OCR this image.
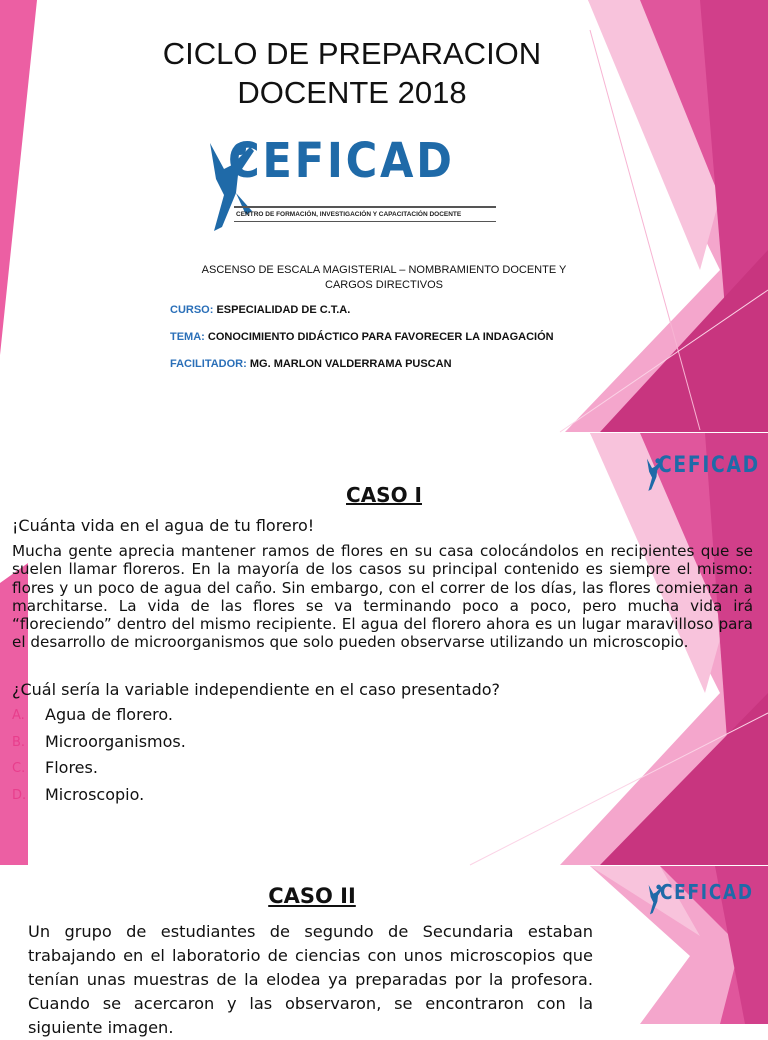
CICLO DE PREPARACION
DOCENTE 2018
CEFICAD
CENTRO DE FORMACIÓN, INVESTIGACIÓN Y CAPACITACIÓN DOCENTE
ASCENSO DE ESCALA MAGISTERIAL – NOMBRAMIENTO DOCENTE Y
CARGOS DIRECTIVOS
CURSO: ESPECIALIDAD DE C.T.A.
TEMA: CONOCIMIENTO DIDÁCTICO PARA FAVORECER LA INDAGACIÓN
FACILITADOR: MG. MARLON VALDERRAMA PUSCAN
CEFICAD
CASO I
¡Cuánta vida en el agua de tu florero!
Mucha gente aprecia mantener ramos de flores en su casa colocándolos en recipientes que se suelen llamar floreros. En la mayoría de los casos su principal contenido es siempre el mismo: flores y un poco de agua del caño. Sin embargo, con el correr de los días, las flores comienzan a marchitarse. La vida de las flores se va terminando poco a poco, pero mucha vida irá “floreciendo” dentro del mismo recipiente. El agua del florero ahora es un lugar maravilloso para el desarrollo de microorganismos que solo pueden observarse utilizando un microscopio.
¿Cuál sería la variable independiente en el caso presentado?
A. Agua de florero.
B. Microorganismos.
C. Flores.
D. Microscopio.
CEFICAD
CASO II
Un grupo de estudiantes de segundo de Secundaria estaban trabajando en el laboratorio de ciencias con unos microscopios que tenían unas muestras de la elodea ya preparadas por la profesora. Cuando se acercaron y las observaron, se encontraron con la siguiente imagen.
